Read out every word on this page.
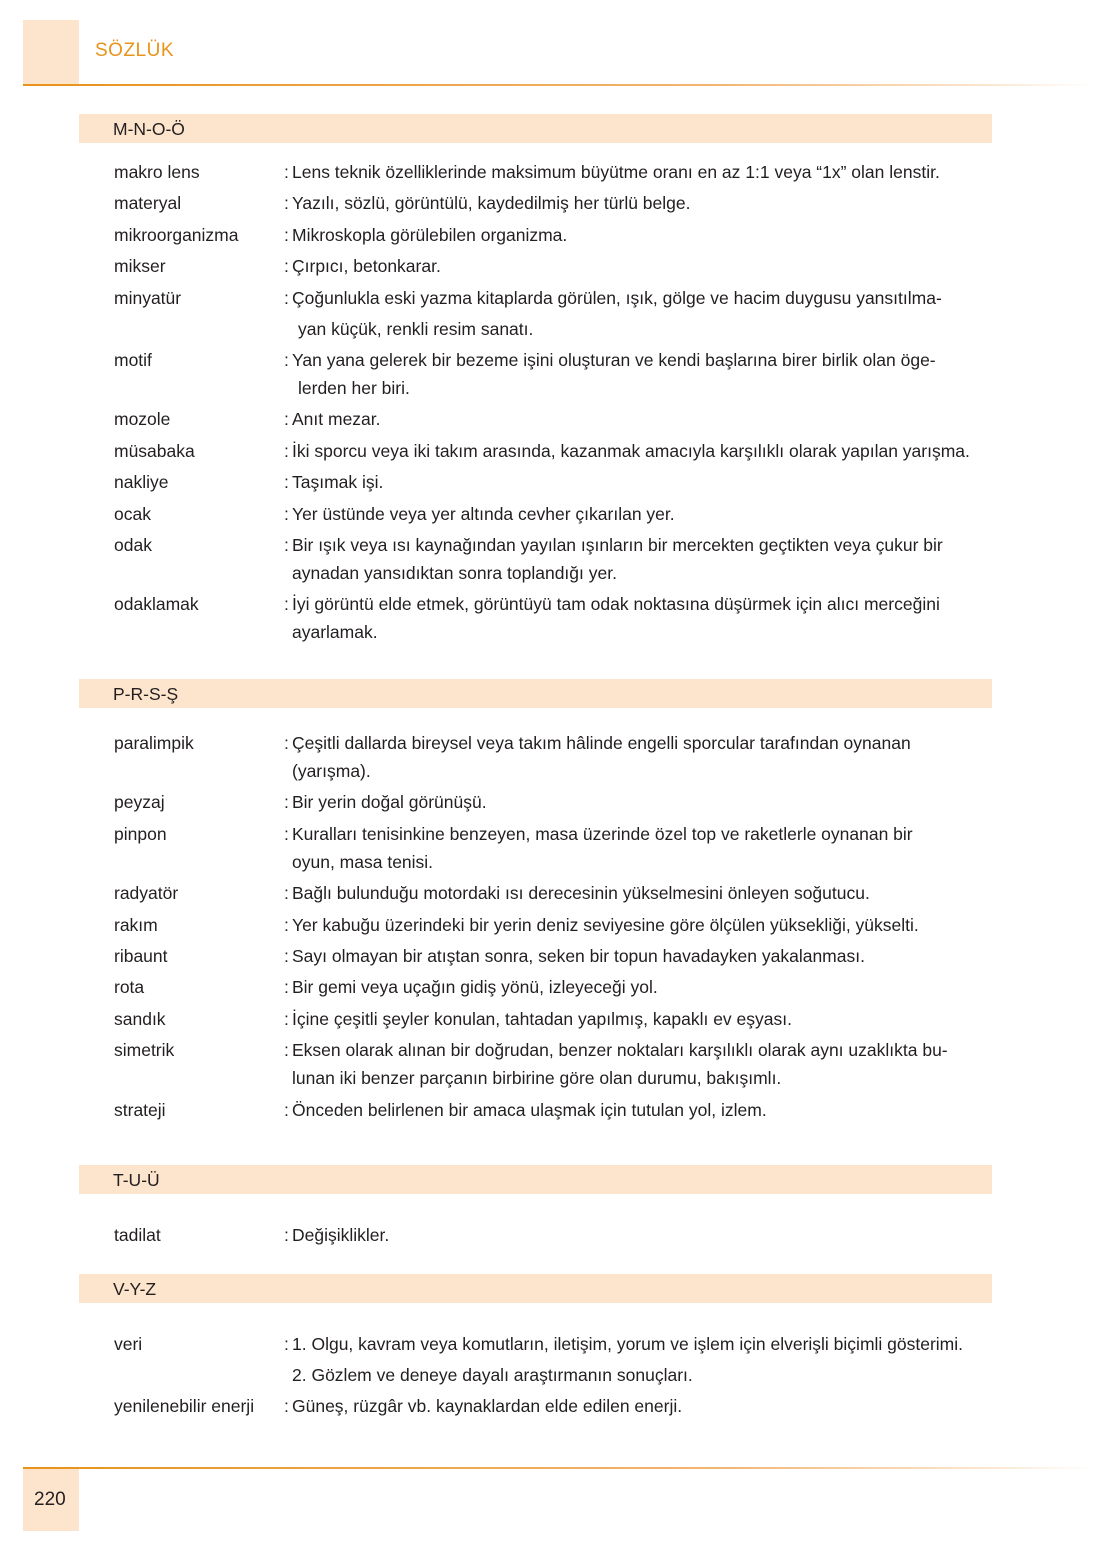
SÖZLÜK
M-N-O-Ö
makro lens	: Lens teknik özelliklerinde maksimum büyütme oranı en az 1:1 veya “1x” olan lenstir.
materyal	: Yazılı, sözlü, görüntülü, kaydedilmiş her türlü belge.
mikroorganizma	: Mikroskopla görülebilen organizma.
mikser	: Çırpıcı, betonkarar.
minyatür	: Çoğunlukla eski yazma kitaplarda görülen, ışık, gölge ve hacim duygusu yansıtılma-
yan küçük, renkli resim sanatı.
motif	: Yan yana gelerek bir bezeme işini oluşturan ve kendi başlarına birer birlik olan öge-
lerden her biri.
mozole	: Anıt mezar.
müsabaka	: İki sporcu veya iki takım arasında, kazanmak amacıyla karşılıklı olarak yapılan yarışma.
nakliye	: Taşımak işi.
ocak	: Yer üstünde veya yer altında cevher çıkarılan yer.
odak	: Bir ışık veya ısı kaynağından yayılan ışınların bir mercekten geçtikten veya çukur bir
aynadan yansıdıktan sonra toplandığı yer.
odaklamak	: İyi görüntü elde etmek, görüntüyü tam odak noktasına düşürmek için alıcı merceğini
ayarlamak.
P-R-S-Ş
paralimpik	: Çeşitli dallarda bireysel veya takım hâlinde engelli sporcular tarafından oynanan
(yarışma).
peyzaj	: Bir yerin doğal görünüşü.
pinpon	: Kuralları tenisinkine benzeyen, masa üzerinde özel top ve raketlerle oynanan bir
oyun, masa tenisi.
radyatör	: Bağlı bulunduğu motordaki ısı derecesinin yükselmesini önleyen soğutucu.
rakım	: Yer kabuğu üzerindeki bir yerin deniz seviyesine göre ölçülen yüksekliği, yükselti.
ribaunt	: Sayı olmayan bir atıştan sonra, seken bir topun havadayken yakalanması.
rota	: Bir gemi veya uçağın gidiş yönü, izleyeceği yol.
sandık	: İçine çeşitli şeyler konulan, tahtadan yapılmış, kapaklı ev eşyası.
simetrik	: Eksen olarak alınan bir doğrudan, benzer noktaları karşılıklı olarak aynı uzaklıkta bu-
lunan iki benzer parçanın birbirine göre olan durumu, bakışımlı.
strateji	: Önceden belirlenen bir amaca ulaşmak için tutulan yol, izlem.
T-U-Ü
tadilat	: Değişiklikler.
V-Y-Z
veri	: 1. Olgu, kavram veya komutların, iletişim, yorum ve işlem için elverişli biçimli gösterimi.
2. Gözlem ve deneye dayalı araştırmanın sonuçları.
yenilenebilir enerji	: Güneş, rüzgâr vb. kaynaklardan elde edilen enerji.
220
